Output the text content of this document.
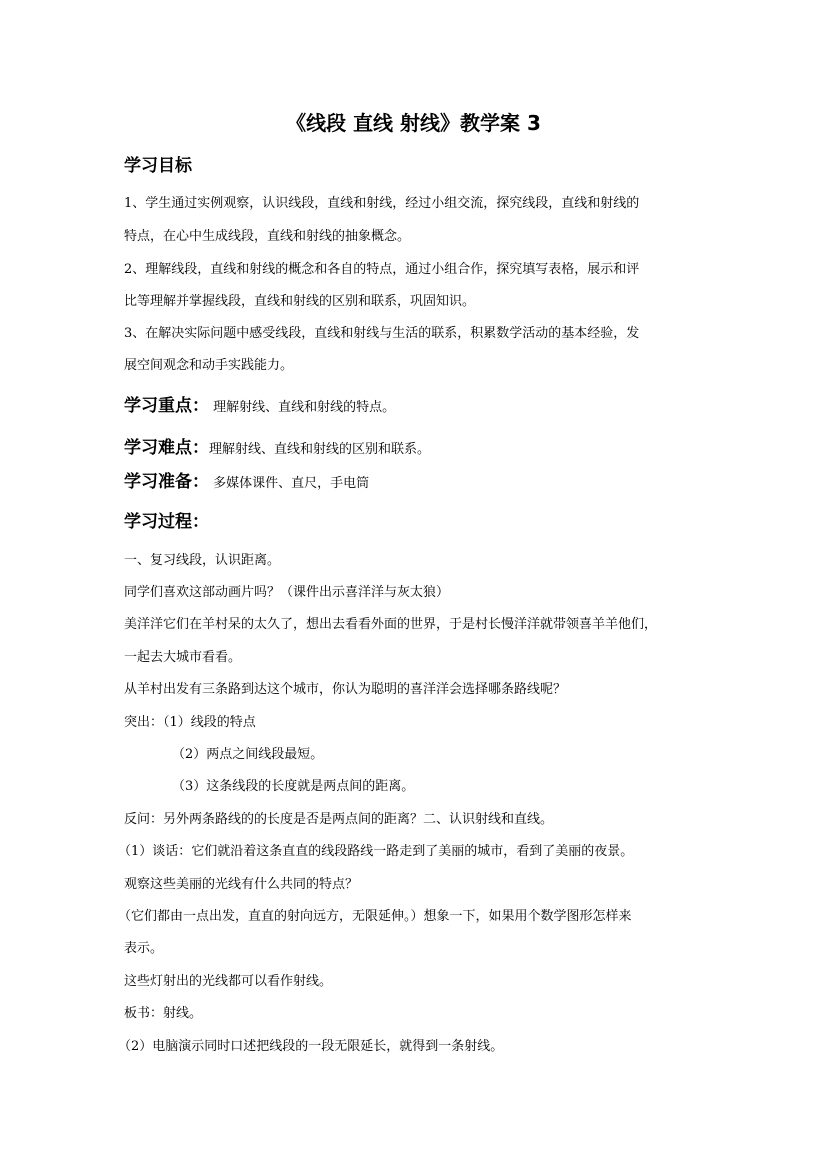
《线段 直线 射线》教学案 3
学习目标
1、学生通过实例观察，认识线段，直线和射线，经过小组交流，探究线段，直线和射线的
特点，在心中生成线段，直线和射线的抽象概念。
2、理解线段，直线和射线的概念和各自的特点，通过小组合作，探究填写表格，展示和评
比等理解并掌握线段，直线和射线的区别和联系，巩固知识。
3、在解决实际问题中感受线段，直线和射线与生活的联系，积累数学活动的基本经验，发
展空间观念和动手实践能力。
学习重点： 理解射线、直线和射线的特点。
学习难点：理解射线、直线和射线的区别和联系。
学习准备： 多媒体课件、直尺，手电筒
学习过程：
一、复习线段，认识距离。
同学们喜欢这部动画片吗？（课件出示喜洋洋与灰太狼）
美洋洋它们在羊村呆的太久了，想出去看看外面的世界，于是村长慢洋洋就带领喜羊羊他们，
一起去大城市看看。
从羊村出发有三条路到达这个城市，你认为聪明的喜洋洋会选择哪条路线呢？
突出：（1）线段的特点
（2）两点之间线段最短。
（3）这条线段的长度就是两点间的距离。
反问：另外两条路线的的长度是否是两点间的距离？二、认识射线和直线。
（1）谈话：它们就沿着这条直直的线段路线一路走到了美丽的城市，看到了美丽的夜景。
观察这些美丽的光线有什么共同的特点？
（它们都由一点出发，直直的射向远方，无限延伸。）想象一下，如果用个数学图形怎样来
表示。
这些灯射出的光线都可以看作射线。
板书：射线。
（2）电脑演示同时口述把线段的一段无限延长，就得到一条射线。
